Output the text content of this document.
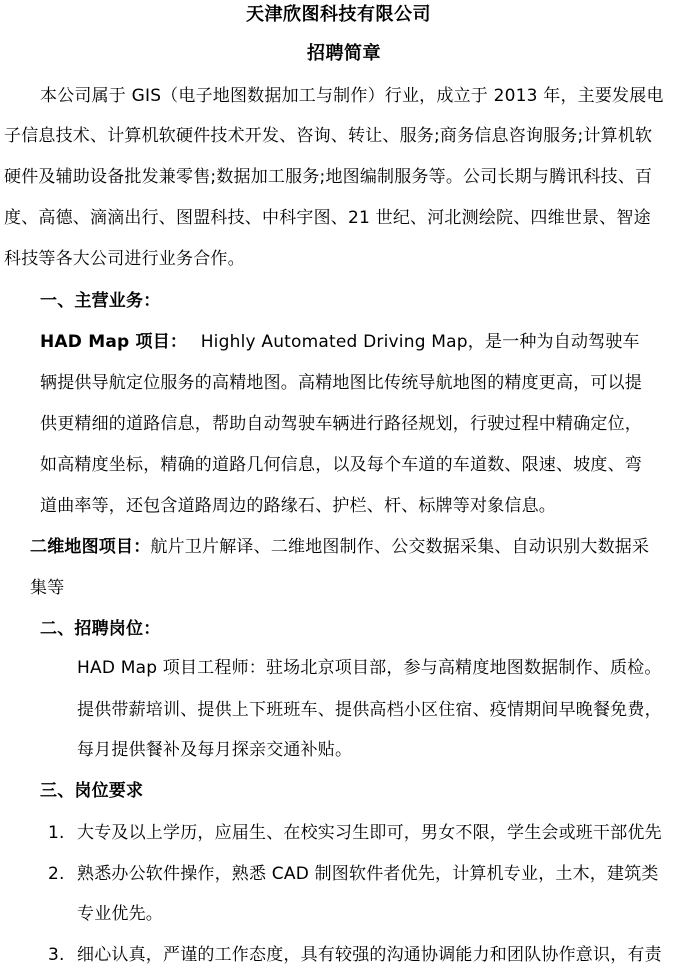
天津欣图科技有限公司
招聘简章
本公司属于 GIS（电子地图数据加工与制作）行业，成立于 2013 年，主要发展电
子信息技术、计算机软硬件技术开发、咨询、转让、服务;商务信息咨询服务;计算机软
硬件及辅助设备批发兼零售;数据加工服务;地图编制服务等。公司长期与腾讯科技、百
度、高德、滴滴出行、图盟科技、中科宇图、21 世纪、河北测绘院、四维世景、智途
科技等各大公司进行业务合作。
一、主营业务：
HAD Map 项目： Highly Automated Driving Map，是一种为自动驾驶车
辆提供导航定位服务的高精地图。高精地图比传统导航地图的精度更高，可以提
供更精细的道路信息，帮助自动驾驶车辆进行路径规划，行驶过程中精确定位，
如高精度坐标，精确的道路几何信息，以及每个车道的车道数、限速、坡度、弯
道曲率等，还包含道路周边的路缘石、护栏、杆、标牌等对象信息。
二维地图项目：航片卫片解译、二维地图制作、公交数据采集、自动识别大数据采
集等
二、招聘岗位：
HAD Map 项目工程师：驻场北京项目部，参与高精度地图数据制作、质检。
提供带薪培训、提供上下班班车、提供高档小区住宿、疫情期间早晚餐免费，
每月提供餐补及每月探亲交通补贴。
三、岗位要求
1. 大专及以上学历，应届生、在校实习生即可，男女不限，学生会或班干部优先
2. 熟悉办公软件操作，熟悉 CAD 制图软件者优先，计算机专业，土木，建筑类
专业优先。
3. 细心认真，严谨的工作态度，具有较强的沟通协调能力和团队协作意识，有责
